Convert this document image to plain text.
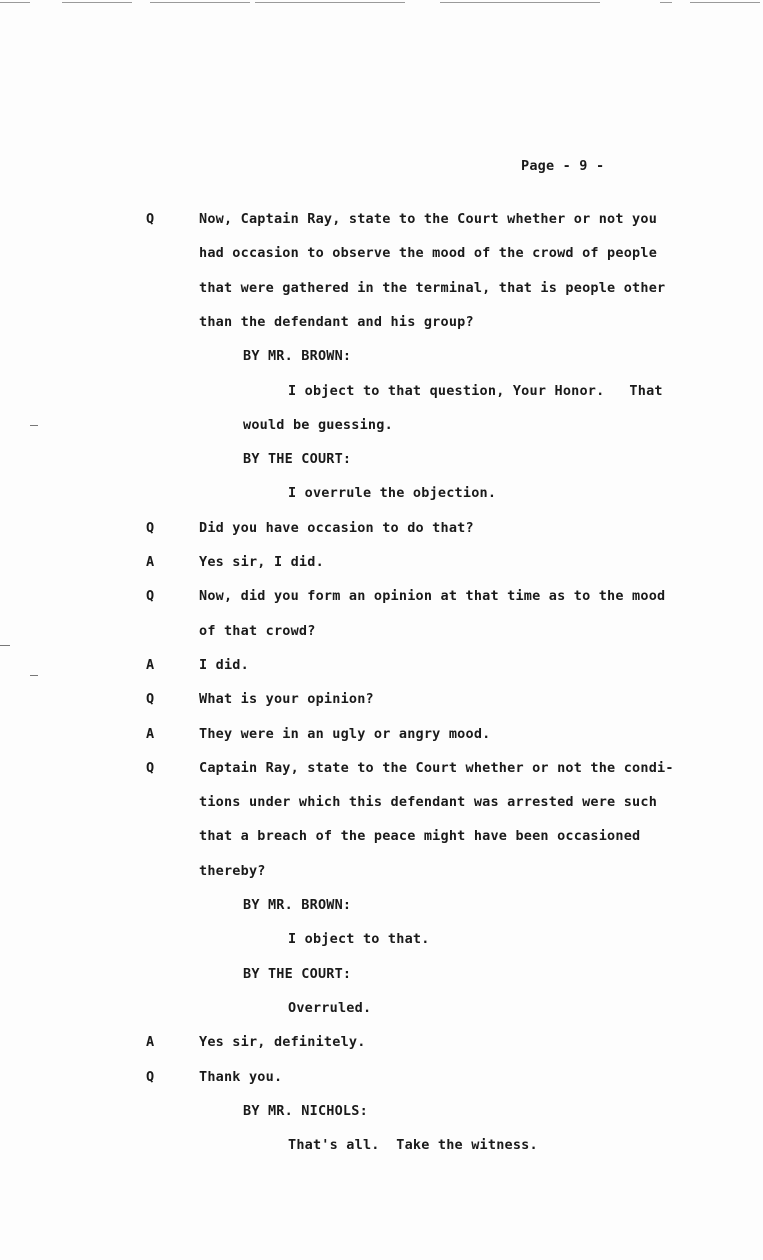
Page - 9 -
Q	Now, Captain Ray, state to the Court whether or not you
had occasion to observe the mood of the crowd of people
that were gathered in the terminal, that is people other
than the defendant and his group?
BY MR. BROWN:
I object to that question, Your Honor.   That
would be guessing.
BY THE COURT:
I overrule the objection.
Q	Did you have occasion to do that?
A	Yes sir, I did.
Q	Now, did you form an opinion at that time as to the mood
of that crowd?
A	I did.
Q	What is your opinion?
A	They were in an ugly or angry mood.
Q	Captain Ray, state to the Court whether or not the condi-
tions under which this defendant was arrested were such
that a breach of the peace might have been occasioned
thereby?
BY MR. BROWN:
I object to that.
BY THE COURT:
Overruled.
A	Yes sir, definitely.
Q	Thank you.
BY MR. NICHOLS:
That's all.  Take the witness.
